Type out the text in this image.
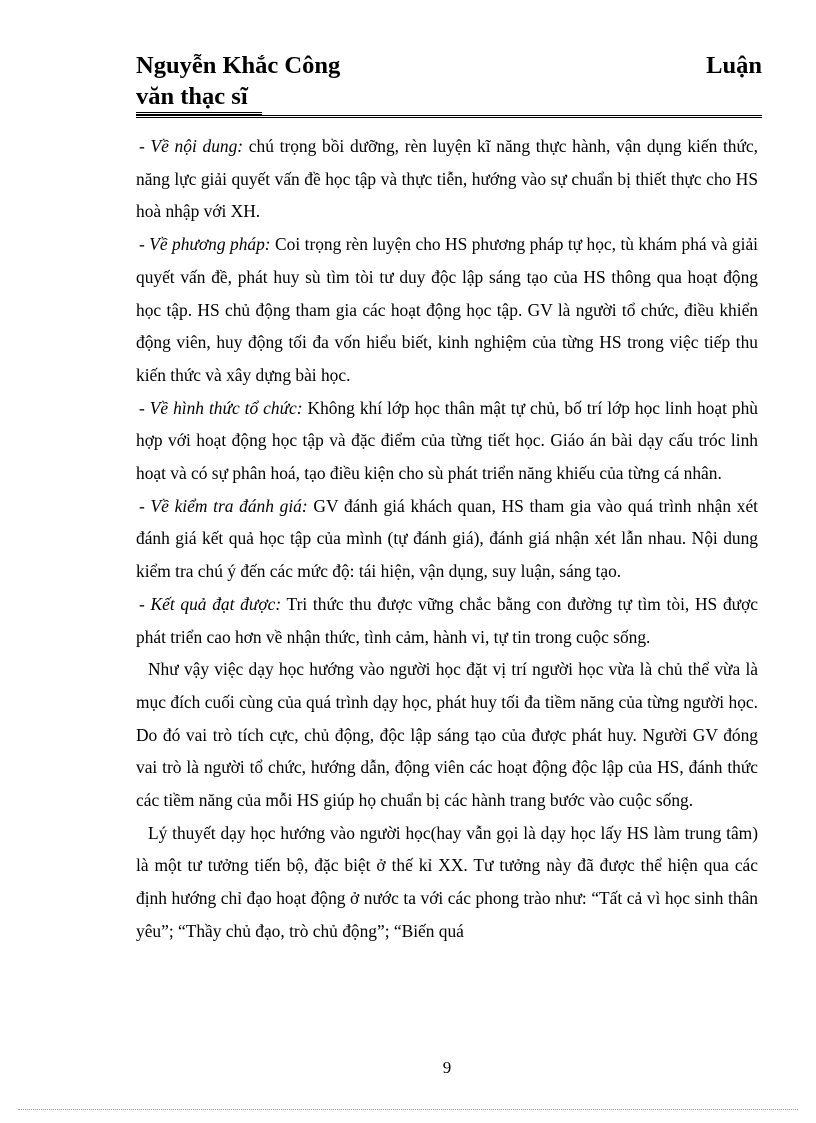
Nguyễn Khắc Công	Luận
văn thạc sĩ

- Về nội dung: chú trọng bồi dưỡng, rèn luyện kĩ năng thực hành, vận dụng kiến thức, năng lực giải quyết vấn đề học tập và thực tiễn, hướng vào sự chuẩn bị thiết thực cho HS hoà nhập với XH.

- Về phương pháp: Coi trọng rèn luyện cho HS phương pháp tự học, tù khám phá và giải quyết vấn đề, phát huy sù tìm tòi tư duy độc lập sáng tạo của HS thông qua hoạt động học tập. HS chủ động tham gia các hoạt động học tập. GV là người tổ chức, điều khiển động viên, huy động tối đa vốn hiểu biết, kinh nghiệm của từng HS trong việc tiếp thu kiến thức và xây dựng bài học.

- Về hình thức tổ chức: Không khí lớp học thân mật tự chủ, bố trí lớp học linh hoạt phù hợp với hoạt động học tập và đặc điểm của từng tiết học. Giáo án bài dạy cấu tróc linh hoạt và có sự phân hoá, tạo điều kiện cho sù phát triển năng khiếu của từng cá nhân.

- Về kiểm tra đánh giá: GV đánh giá khách quan, HS tham gia vào quá trình nhận xét đánh giá kết quả học tập của mình (tự đánh giá), đánh giá nhận xét lẫn nhau. Nội dung kiểm tra chú ý đến các mức độ: tái hiện, vận dụng, suy luận, sáng tạo.

- Kết quả đạt được: Tri thức thu được vững chắc bằng con đường tự tìm tòi, HS được phát triển cao hơn về nhận thức, tình cảm, hành vi, tự tin trong cuộc sống.

Như vậy việc dạy học hướng vào người học đặt vị trí người học vừa là chủ thể vừa là mục đích cuối cùng của quá trình dạy học, phát huy tối đa tiềm năng của từng người học. Do đó vai trò tích cực, chủ động, độc lập sáng tạo của được phát huy. Người GV đóng vai trò là người tổ chức, hướng dẫn, động viên các hoạt động độc lập của HS, đánh thức các tiềm năng của mỗi HS giúp họ chuẩn bị các hành trang bước vào cuộc sống.

Lý thuyết dạy học hướng vào người học(hay vẫn gọi là dạy học lấy HS làm trung tâm) là một tư tưởng tiến bộ, đặc biệt ở thế kỉ XX. Tư tưởng này đã được thể hiện qua các định hướng chỉ đạo hoạt động ở nước ta với các phong trào như: “Tất cả vì học sinh thân yêu”; “Thầy chủ đạo, trò chủ động”; “Biến quá

9
